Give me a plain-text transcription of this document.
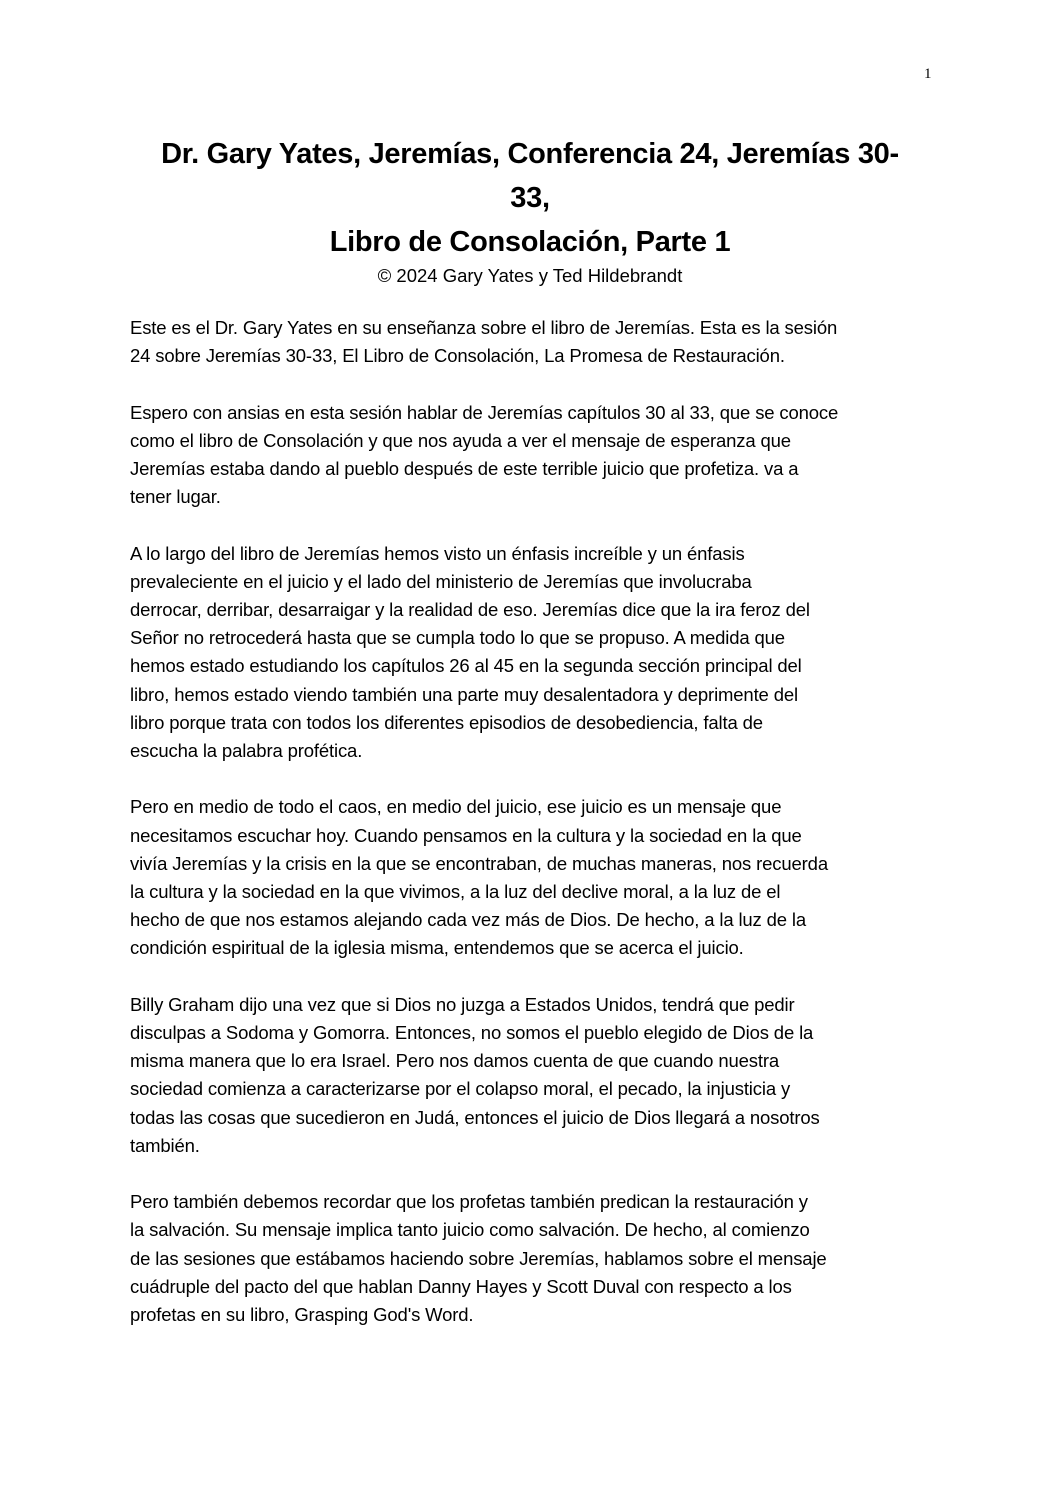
1
Dr. Gary Yates, Jeremías, Conferencia 24, Jeremías 30-
33,
Libro de Consolación, Parte 1
© 2024 Gary Yates y Ted Hildebrandt
Este es el Dr. Gary Yates en su enseñanza sobre el libro de Jeremías. Esta es la sesión
24 sobre Jeremías 30-33, El Libro de Consolación, La Promesa de Restauración.
Espero con ansias en esta sesión hablar de Jeremías capítulos 30 al 33, que se conoce
como el libro de Consolación y que nos ayuda a ver el mensaje de esperanza que
Jeremías estaba dando al pueblo después de este terrible juicio que profetiza. va a
tener lugar.
A lo largo del libro de Jeremías hemos visto un énfasis increíble y un énfasis
prevaleciente en el juicio y el lado del ministerio de Jeremías que involucraba
derrocar, derribar, desarraigar y la realidad de eso. Jeremías dice que la ira feroz del
Señor no retrocederá hasta que se cumpla todo lo que se propuso. A medida que
hemos estado estudiando los capítulos 26 al 45 en la segunda sección principal del
libro, hemos estado viendo también una parte muy desalentadora y deprimente del
libro porque trata con todos los diferentes episodios de desobediencia, falta de
escucha la palabra profética.
Pero en medio de todo el caos, en medio del juicio, ese juicio es un mensaje que
necesitamos escuchar hoy. Cuando pensamos en la cultura y la sociedad en la que
vivía Jeremías y la crisis en la que se encontraban, de muchas maneras, nos recuerda
la cultura y la sociedad en la que vivimos, a la luz del declive moral, a la luz de el
hecho de que nos estamos alejando cada vez más de Dios. De hecho, a la luz de la
condición espiritual de la iglesia misma, entendemos que se acerca el juicio.
Billy Graham dijo una vez que si Dios no juzga a Estados Unidos, tendrá que pedir
disculpas a Sodoma y Gomorra. Entonces, no somos el pueblo elegido de Dios de la
misma manera que lo era Israel. Pero nos damos cuenta de que cuando nuestra
sociedad comienza a caracterizarse por el colapso moral, el pecado, la injusticia y
todas las cosas que sucedieron en Judá, entonces el juicio de Dios llegará a nosotros
también.
Pero también debemos recordar que los profetas también predican la restauración y
la salvación. Su mensaje implica tanto juicio como salvación. De hecho, al comienzo
de las sesiones que estábamos haciendo sobre Jeremías, hablamos sobre el mensaje
cuádruple del pacto del que hablan Danny Hayes y Scott Duval con respecto a los
profetas en su libro, Grasping God's Word.
